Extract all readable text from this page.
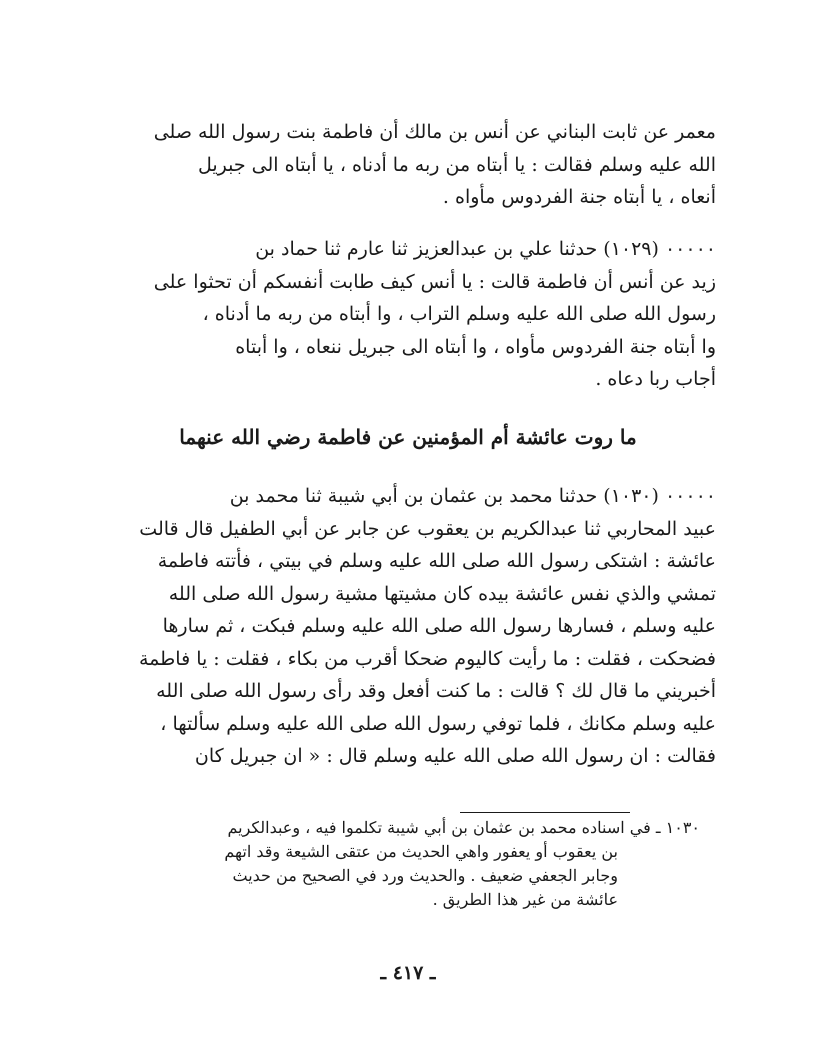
معمر عن ثابت البناني عن أنس بن مالك أن فاطمة بنت رسول الله صلى
الله عليه وسلم فقالت : يا أبتاه من ربه ما أدناه ، يا أبتاه الى جبريل
أنعاه ، يا أبتاه جنة الفردوس مأواه .
٠٠٠٠٠ (١٠٢٩) حدثنا علي بن عبدالعزيز ثنا عارم ثنا حماد بن
زيد عن أنس أن فاطمة قالت : يا أنس كيف طابت أنفسكم أن تحثوا على
رسول الله صلى الله عليه وسلم التراب ، وا أبتاه من ربه ما أدناه ،
وا أبتاه جنة الفردوس مأواه ، وا أبتاه الى جبريل ننعاه ، وا أبتاه
أجاب ربا دعاه .
ما روت عائشة أم المؤمنين عن فاطمة رضي الله عنهما
٠٠٠٠٠ (١٠٣٠) حدثنا محمد بن عثمان بن أبي شيبة ثنا محمد بن
عبيد المحاربي ثنا عبدالكريم بن يعقوب عن جابر عن أبي الطفيل قال قالت
عائشة : اشتكى رسول الله صلى الله عليه وسلم في بيتي ، فأتته فاطمة
تمشي والذي نفس عائشة بيده كان مشيتها مشية رسول الله صلى الله
عليه وسلم ، فسارها رسول الله صلى الله عليه وسلم فبكت ، ثم سارها
فضحكت ، فقلت : ما رأيت كاليوم ضحكا أقرب من بكاء ، فقلت : يا فاطمة
أخبريني ما قال لك ؟ قالت : ما كنت أفعل وقد رأى رسول الله صلى الله
عليه وسلم مكانك ، فلما توفي رسول الله صلى الله عليه وسلم سألتها ،
فقالت : ان رسول الله صلى الله عليه وسلم قال : « ان جبريل كان
١٠٣٠ ـ في اسناده محمد بن عثمان بن أبي شيبة تكلموا فيه ، وعبدالكريم
بن يعقوب أو يعفور واهي الحديث من عتقى الشيعة وقد اتهم
وجابر الجعفي ضعيف . والحديث ورد في الصحيح من حديث
عائشة من غير هذا الطريق .
ـ ٤١٧ ـ
